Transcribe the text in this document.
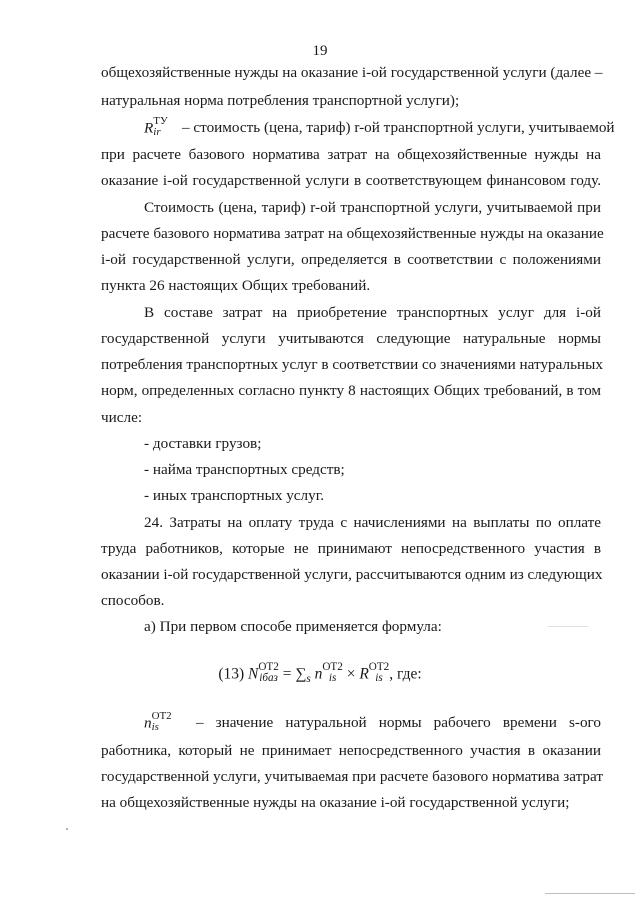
19
общехозяйственные нужды на оказание i-ой государственной услуги (далее –
натуральная норма потребления транспортной услуги);
R ТУ
ir	– стоимость (цена, тариф) r-ой транспортной услуги, учитываемой
при расчете базового норматива затрат на общехозяйственные нужды на
оказание i-ой государственной услуги в соответствующем финансовом году.
Стоимость (цена, тариф) r-ой транспортной услуги, учитываемой при
расчете базового норматива затрат на общехозяйственные нужды на оказание
i-ой государственной услуги, определяется в соответствии с положениями
пункта 26 настоящих Общих требований.
В составе затрат на приобретение транспортных услуг для i-ой
государственной услуги учитываются следующие натуральные нормы
потребления транспортных услуг в соответствии со значениями натуральных
норм, определенных согласно пункту 8 настоящих Общих требований, в том
числе:
- доставки грузов;
- найма транспортных средств;
- иных транспортных услуг.
24. Затраты на оплату труда с начислениями на выплаты по оплате
труда работников, которые не принимают непосредственного участия в
оказании i-ой государственной услуги, рассчитываются одним из следующих
способов.
а) При первом способе применяется формула:
(13) N ОТ2
iбаз = $\sum_s$ n ОТ2
is × R ОТ2
is , где:
n ОТ2
is	– значение натуральной нормы рабочего времени s-ого
работника, который не принимает непосредственного участия в оказании
государственной услуги, учитываемая при расчете базового норматива затрат
на общехозяйственные нужды на оказание i-ой государственной услуги;
